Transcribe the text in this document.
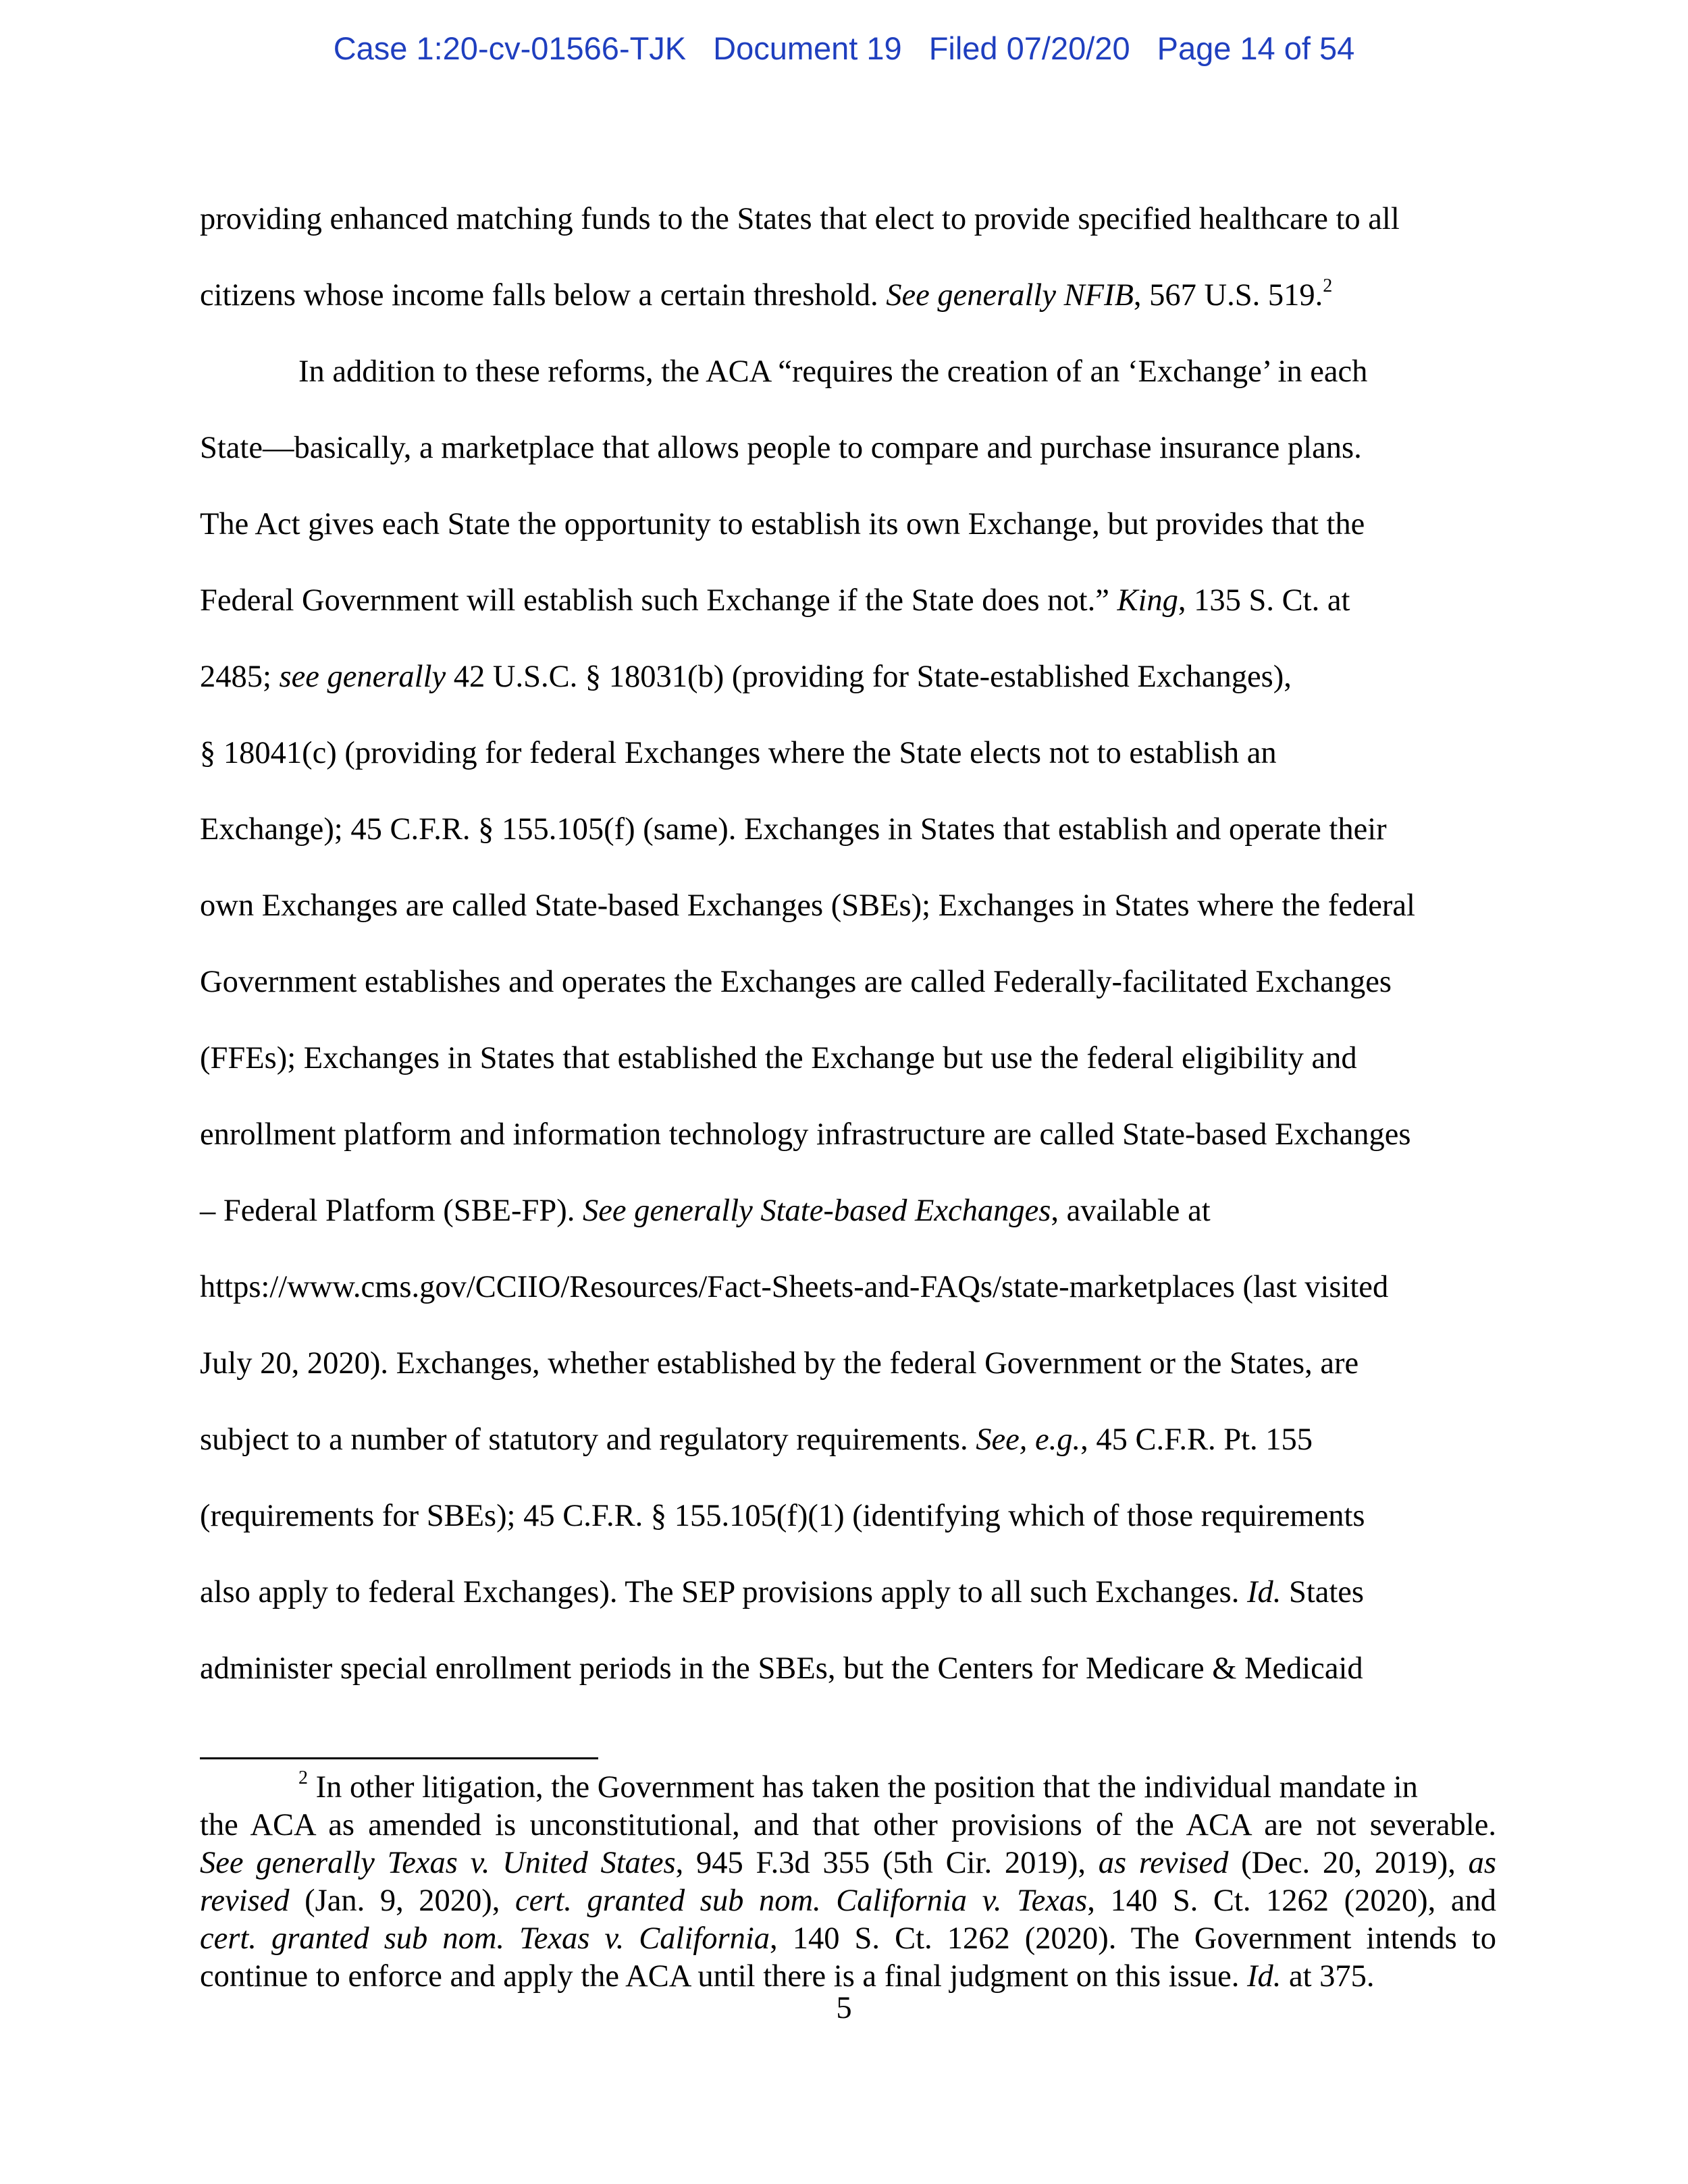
Case 1:20-cv-01566-TJK Document 19 Filed 07/20/20 Page 14 of 54
providing enhanced matching funds to the States that elect to provide specified healthcare to all
citizens whose income falls below a certain threshold. See generally NFIB, 567 U.S. 519.$^2$
In addition to these reforms, the ACA “requires the creation of an ‘Exchange’ in each
State—basically, a marketplace that allows people to compare and purchase insurance plans.
The Act gives each State the opportunity to establish its own Exchange, but provides that the
Federal Government will establish such Exchange if the State does not.” King, 135 S. Ct. at
2485; see generally 42 U.S.C. § 18031(b) (providing for State-established Exchanges),
§ 18041(c) (providing for federal Exchanges where the State elects not to establish an
Exchange); 45 C.F.R. § 155.105(f) (same). Exchanges in States that establish and operate their
own Exchanges are called State-based Exchanges (SBEs); Exchanges in States where the federal
Government establishes and operates the Exchanges are called Federally-facilitated Exchanges
(FFEs); Exchanges in States that established the Exchange but use the federal eligibility and
enrollment platform and information technology infrastructure are called State-based Exchanges
– Federal Platform (SBE-FP). See generally State-based Exchanges, available at
https://www.cms.gov/CCIIO/Resources/Fact-Sheets-and-FAQs/state-marketplaces (last visited
July 20, 2020). Exchanges, whether established by the federal Government or the States, are
subject to a number of statutory and regulatory requirements. See, e.g., 45 C.F.R. Pt. 155
(requirements for SBEs); 45 C.F.R. § 155.105(f)(1) (identifying which of those requirements
also apply to federal Exchanges). The SEP provisions apply to all such Exchanges. Id. States
administer special enrollment periods in the SBEs, but the Centers for Medicare & Medicaid
$^2$ In other litigation, the Government has taken the position that the individual mandate in
the ACA as amended is unconstitutional, and that other provisions of the ACA are not severable.
See generally Texas v. United States, 945 F.3d 355 (5th Cir. 2019), as revised (Dec. 20, 2019), as
revised (Jan. 9, 2020), cert. granted sub nom. California v. Texas, 140 S. Ct. 1262 (2020), and
cert. granted sub nom. Texas v. California, 140 S. Ct. 1262 (2020). The Government intends to
continue to enforce and apply the ACA until there is a final judgment on this issue. Id. at 375.
5
